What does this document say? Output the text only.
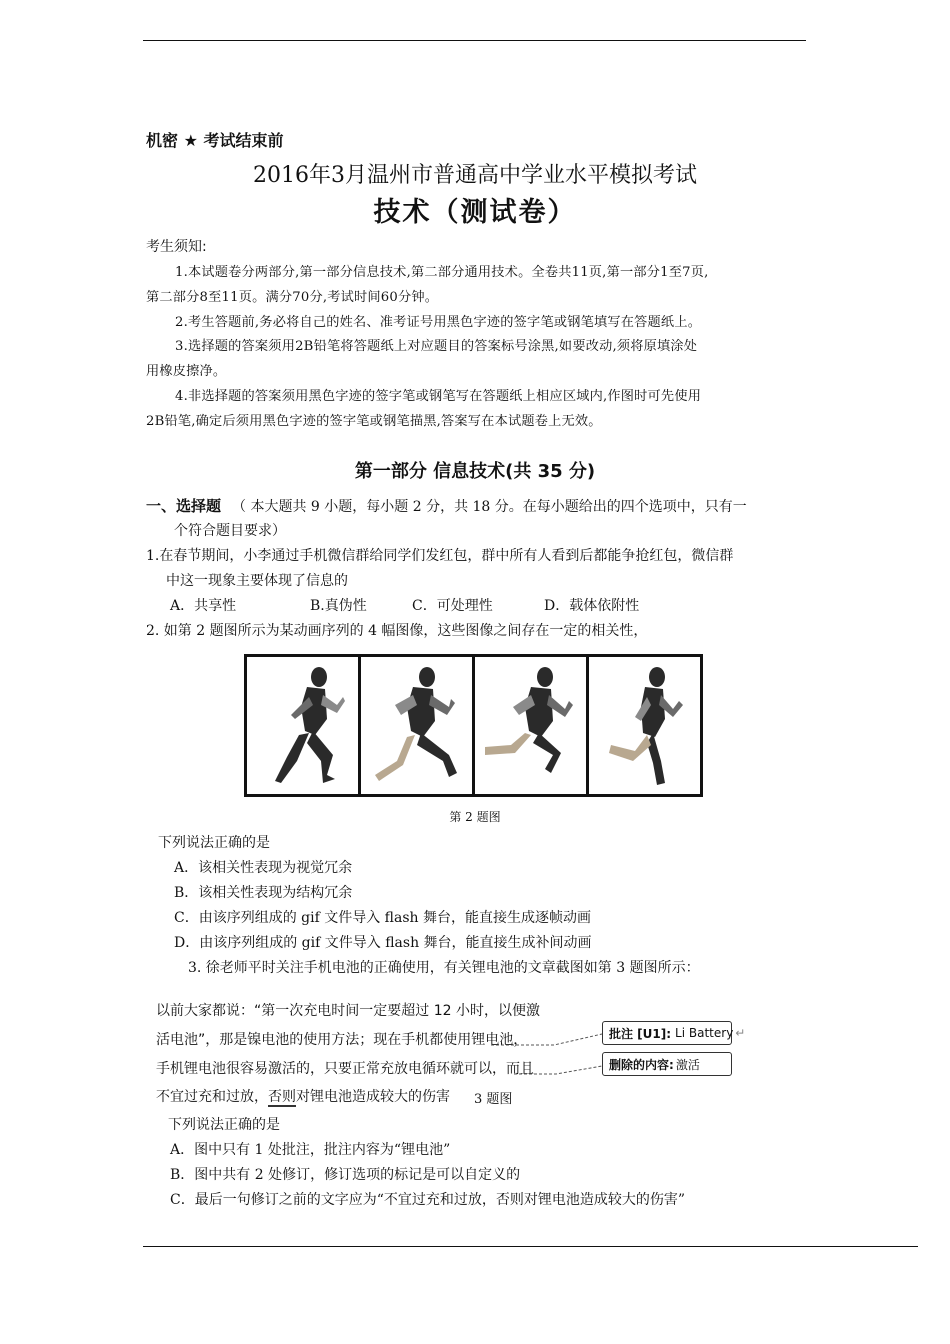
机密 ★ 考试结束前
2016年3月温州市普通高中学业水平模拟考试
技术（测试卷）
考生须知:
1.本试题卷分两部分,第一部分信息技术,第二部分通用技术。全卷共11页,第一部分1至7页,
第二部分8至11页。满分70分,考试时间60分钟。
2.考生答题前,务必将自己的姓名、准考证号用黑色字迹的签字笔或钢笔填写在答题纸上。
3.选择题的答案须用2B铅笔将答题纸上对应题目的答案标号涂黑,如要改动,须将原填涂处
用橡皮擦净。
4.非选择题的答案须用黑色字迹的签字笔或钢笔写在答题纸上相应区域内,作图时可先使用
2B铅笔,确定后须用黑色字迹的签字笔或钢笔描黑,答案写在本试题卷上无效。
第一部分 信息技术(共 35 分)
一、选择题 （ 本大题共 9 小题，每小题 2 分，共 18 分。在每小题给出的四个选项中，只有一
个符合题目要求）
1.在春节期间，小李通过手机微信群给同学们发红包，群中所有人看到后都能争抢红包，微信群
中这一现象主要体现了信息的
A．共享性	B.真伪性	C．可处理性	D．载体依附性
2. 如第 2 题图所示为某动画序列的 4 幅图像，这些图像之间存在一定的相关性，
第 2 题图
下列说法正确的是
A．该相关性表现为视觉冗余
B．该相关性表现为结构冗余
C．由该序列组成的 gif 文件导入 flash 舞台，能直接生成逐帧动画
D．由该序列组成的 gif 文件导入 flash 舞台，能直接生成补间动画
3. 徐老师平时关注手机电池的正确使用，有关锂电池的文章截图如第 3 题图所示：
以前大家都说：“第一次充电时间一定要超过 12 小时，以便激
活电池”，那是镍电池的使用方法；现在手机都使用锂电池，
手机锂电池很容易激活的，只要正常充放电循环就可以，而且
不宜过充和过放，否则对锂电池造成较大的伤害 3 题图
批注 [U1]: Li Battery ↵
删除的内容: 激活
下列说法正确的是
A．图中只有 1 处批注，批注内容为“锂电池”
B．图中共有 2 处修订，修订选项的标记是可以自定义的
C．最后一句修订之前的文字应为“不宜过充和过放，否则对锂电池造成较大的伤害”
